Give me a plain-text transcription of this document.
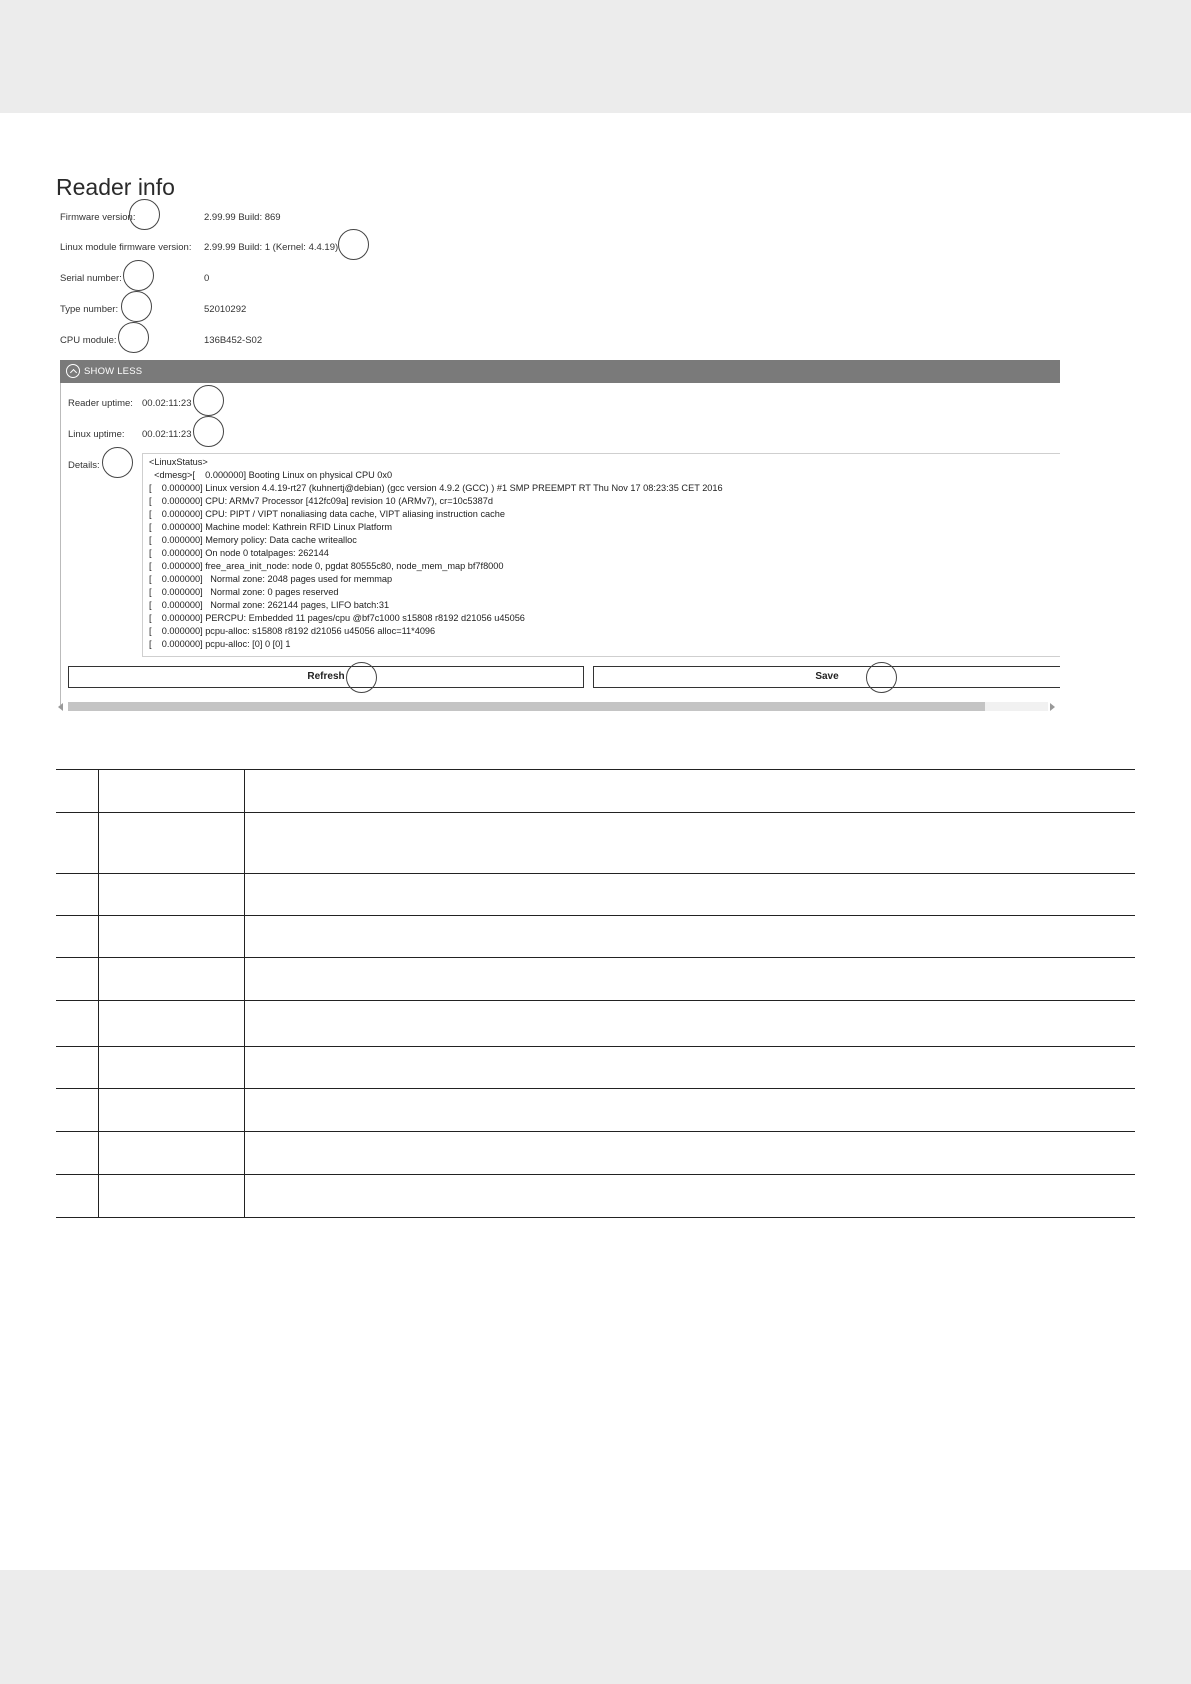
Reader info
Firmware version:	2.99.99 Build: 869
Linux module firmware version: 2.99.99 Build: 1 (Kernel: 4.4.19)
Serial number:	0
Type number:	52010292
CPU module:	136B452-S02
SHOW LESS
Reader uptime: 00.02:11:23
Linux uptime: 00.02:11:23
Details:	<LinuxStatus>
<dmesg>[    0.000000] Booting Linux on physical CPU 0x0
[    0.000000] Linux version 4.4.19-rt27 (kuhnertj@debian) (gcc version 4.9.2 (GCC) ) #1 SMP PREEMPT RT Thu Nov 17 08:23:35 CET 2016
[    0.000000] CPU: ARMv7 Processor [412fc09a] revision 10 (ARMv7), cr=10c5387d
[    0.000000] CPU: PIPT / VIPT nonaliasing data cache, VIPT aliasing instruction cache
[    0.000000] Machine model: Kathrein RFID Linux Platform
[    0.000000] Memory policy: Data cache writealloc
[    0.000000] On node 0 totalpages: 262144
[    0.000000] free_area_init_node: node 0, pgdat 80555c80, node_mem_map bf7f8000
[    0.000000]   Normal zone: 2048 pages used for memmap
[    0.000000]   Normal zone: 0 pages reserved
[    0.000000]   Normal zone: 262144 pages, LIFO batch:31
[    0.000000] PERCPU: Embedded 11 pages/cpu @bf7c1000 s15808 r8192 d21056 u45056
[    0.000000] pcpu-alloc: s15808 r8192 d21056 u45056 alloc=11*4096
[    0.000000] pcpu-alloc: [0] 0 [0] 1
Refresh	Save
